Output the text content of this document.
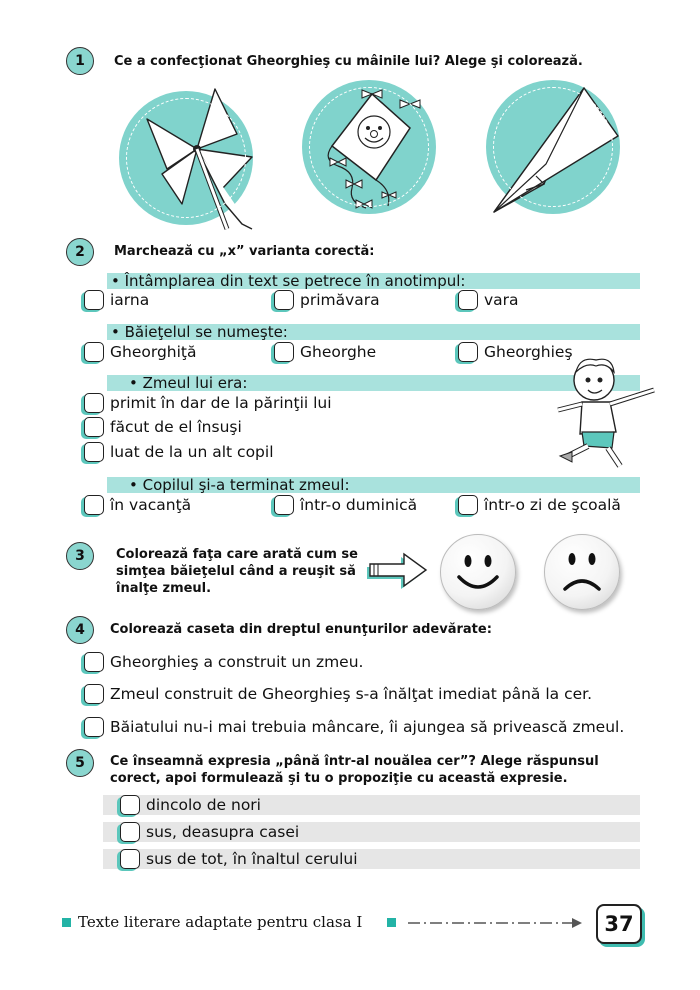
1	Ce a confecţionat Gheorghieş cu mâinile lui? Alege şi colorează.
2	Marchează cu „x” varianta corectă:
• Întâmplarea din text se petrece în anotimpul:
iarna	primăvara	vara
• Băieţelul se numeşte:
Gheorghiţă	Gheorghe	Gheorghieş
• Zmeul lui era:
primit în dar de la părinţii lui
făcut de el însuşi
luat de la un alt copil
• Copilul şi-a terminat zmeul:
în vacanţă	într-o duminică	într-o zi de şcoală
3	Colorează faţa care arată cum se simţea băieţelul când a reuşit să înalţe zmeul.
4	Colorează caseta din dreptul enunţurilor adevărate:
Gheorghieş a construit un zmeu.
Zmeul construit de Gheorghieş s-a înălţat imediat până la cer.
Băiatului nu-i mai trebuia mâncare, îi ajungea să privească zmeul.
5	Ce înseamnă expresia „până într-al nouălea cer”? Alege răspunsul corect, apoi formulează şi tu o propoziţie cu această expresie.
dincolo de nori
sus, deasupra casei
sus de tot, în înaltul cerului
Texte literare adaptate pentru clasa I	37
